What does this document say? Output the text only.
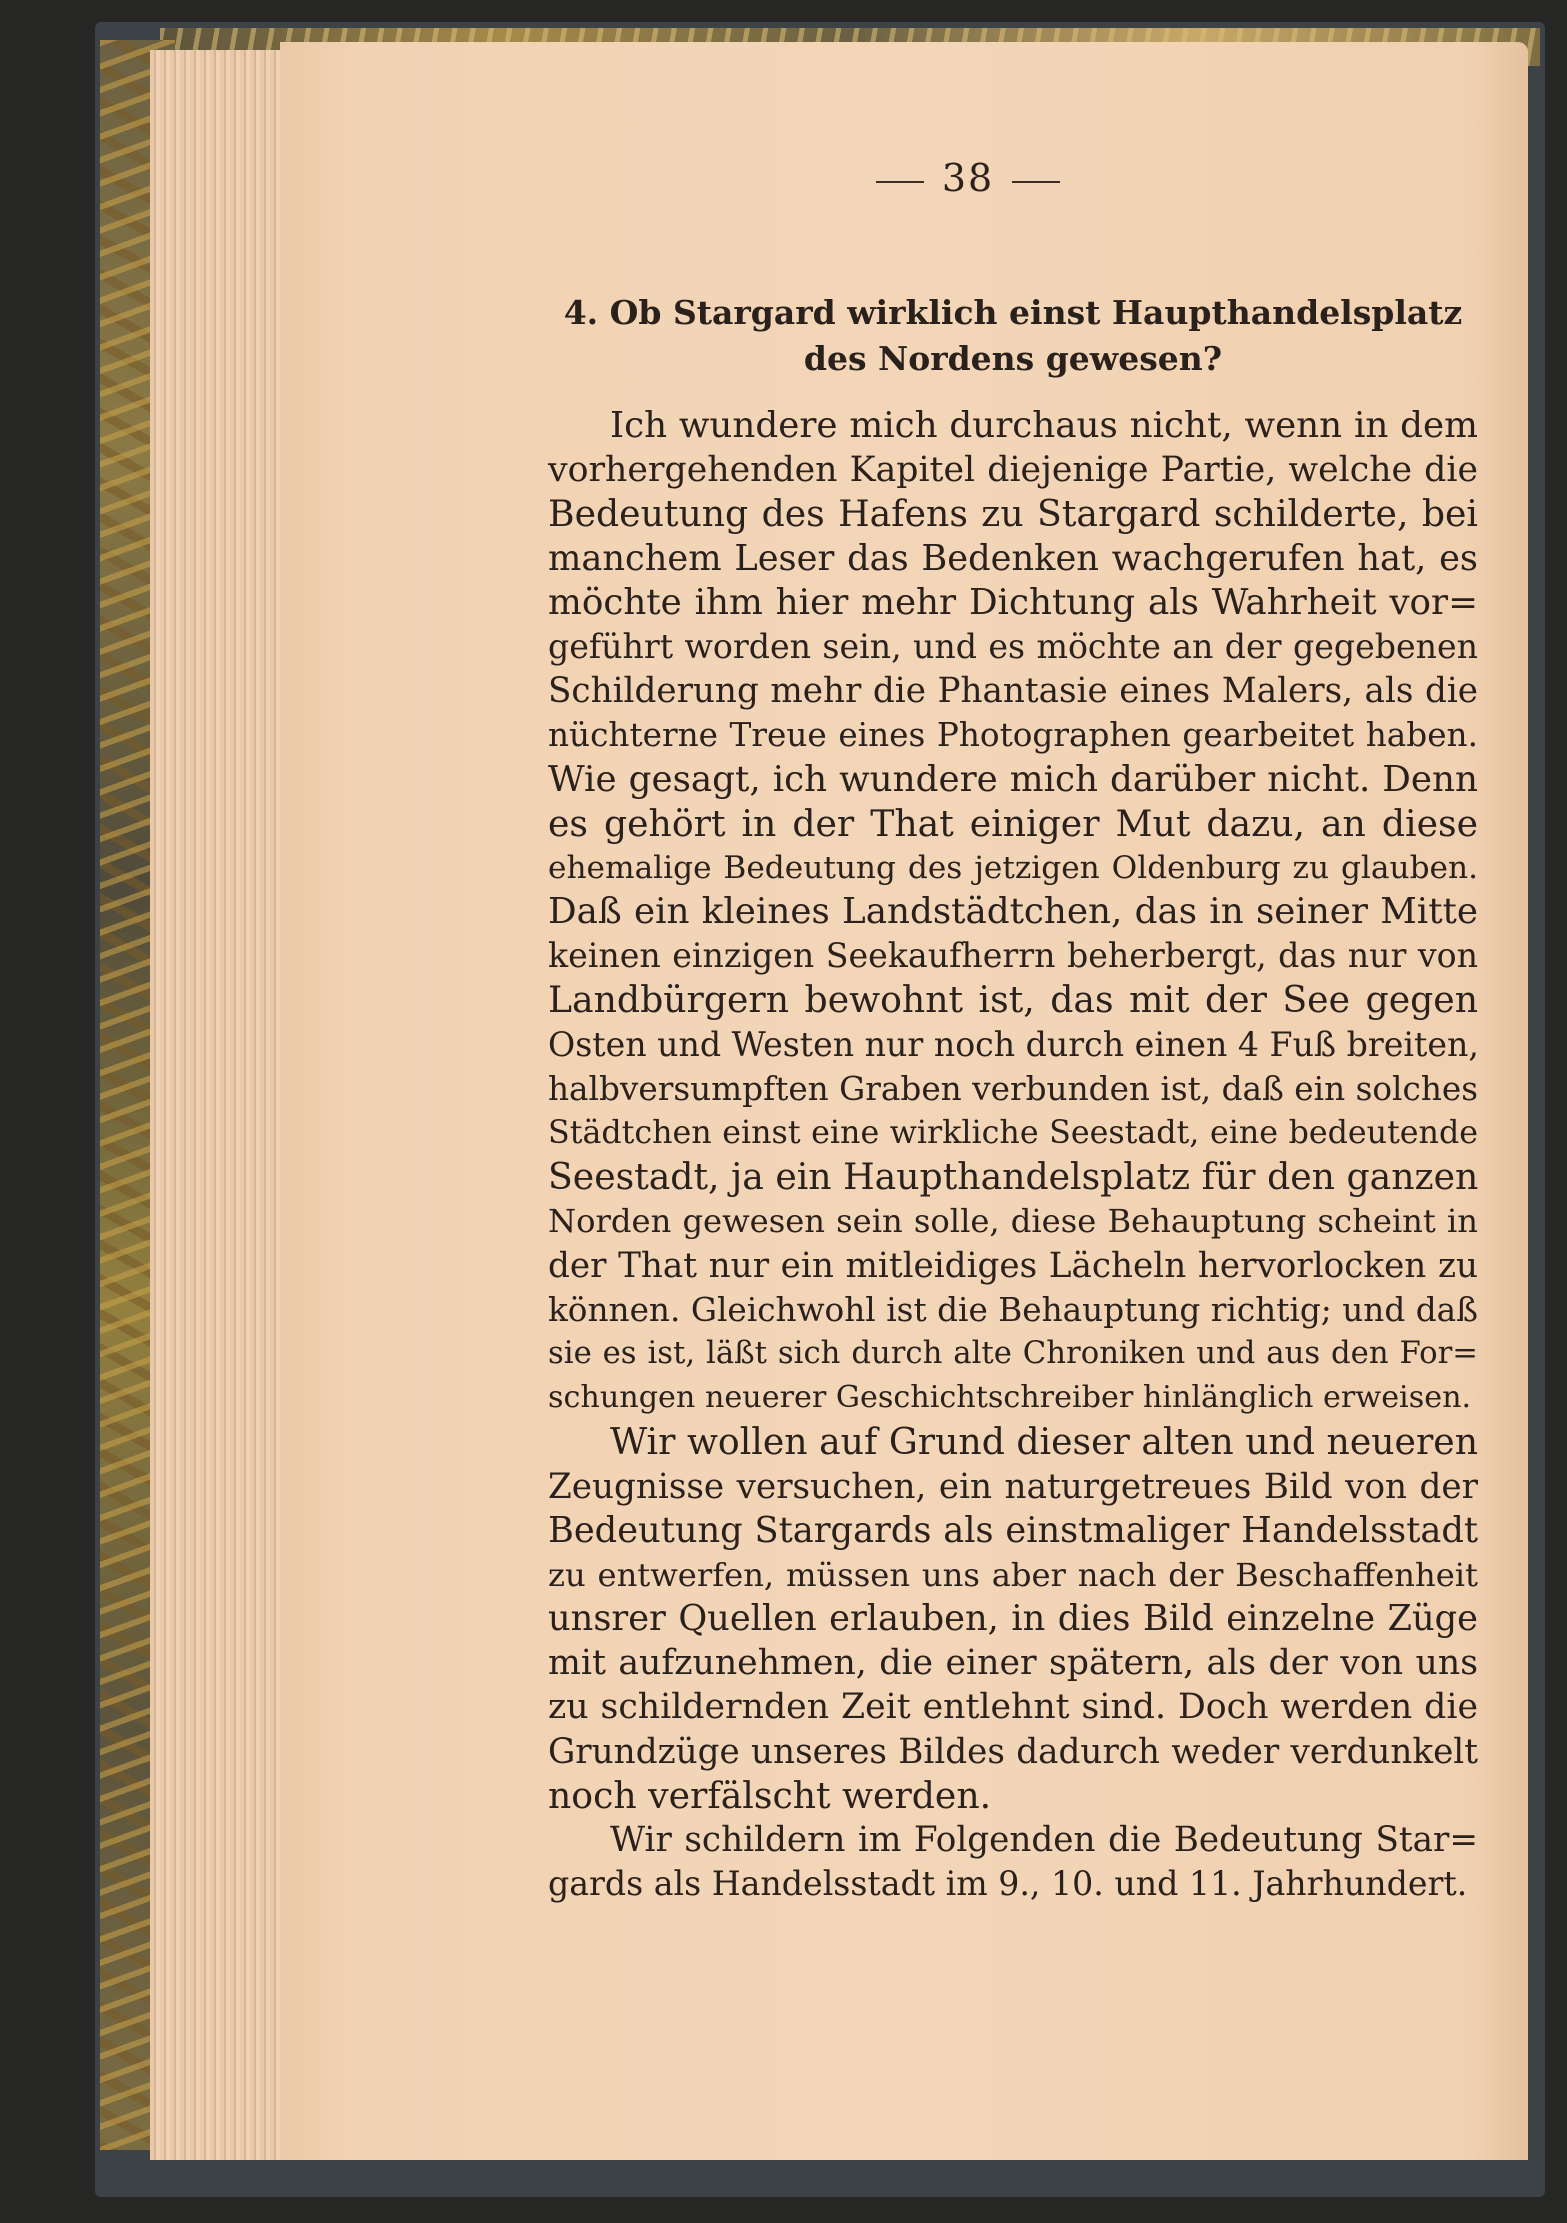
38
4. Ob Stargard wirklich einst Haupthandelsplatz
des Nordens gewesen?
Ich wundere mich durchaus nicht, wenn in dem
vorhergehenden Kapitel diejenige Partie, welche die
Bedeutung des Hafens zu Stargard schilderte, bei
manchem Leser das Bedenken wachgerufen hat, es
möchte ihm hier mehr Dichtung als Wahrheit vor=
geführt worden sein, und es möchte an der gegebenen
Schilderung mehr die Phantasie eines Malers, als die
nüchterne Treue eines Photographen gearbeitet haben.
Wie gesagt, ich wundere mich darüber nicht. Denn
es gehört in der That einiger Mut dazu, an diese
ehemalige Bedeutung des jetzigen Oldenburg zu glauben.
Daß ein kleines Landstädtchen, das in seiner Mitte
keinen einzigen Seekaufherrn beherbergt, das nur von
Landbürgern bewohnt ist, das mit der See gegen
Osten und Westen nur noch durch einen 4 Fuß breiten,
halbversumpften Graben verbunden ist, daß ein solches
Städtchen einst eine wirkliche Seestadt, eine bedeutende
Seestadt, ja ein Haupthandelsplatz für den ganzen
Norden gewesen sein solle, diese Behauptung scheint in
der That nur ein mitleidiges Lächeln hervorlocken zu
können. Gleichwohl ist die Behauptung richtig; und daß
sie es ist, läßt sich durch alte Chroniken und aus den For=
schungen neuerer Geschichtschreiber hinlänglich erweisen.
Wir wollen auf Grund dieser alten und neueren
Zeugnisse versuchen, ein naturgetreues Bild von der
Bedeutung Stargards als einstmaliger Handelsstadt
zu entwerfen, müssen uns aber nach der Beschaffenheit
unsrer Quellen erlauben, in dies Bild einzelne Züge
mit aufzunehmen, die einer spätern, als der von uns
zu schildernden Zeit entlehnt sind. Doch werden die
Grundzüge unseres Bildes dadurch weder verdunkelt
noch verfälscht werden.
Wir schildern im Folgenden die Bedeutung Star=
gards als Handelsstadt im 9., 10. und 11. Jahrhundert.
